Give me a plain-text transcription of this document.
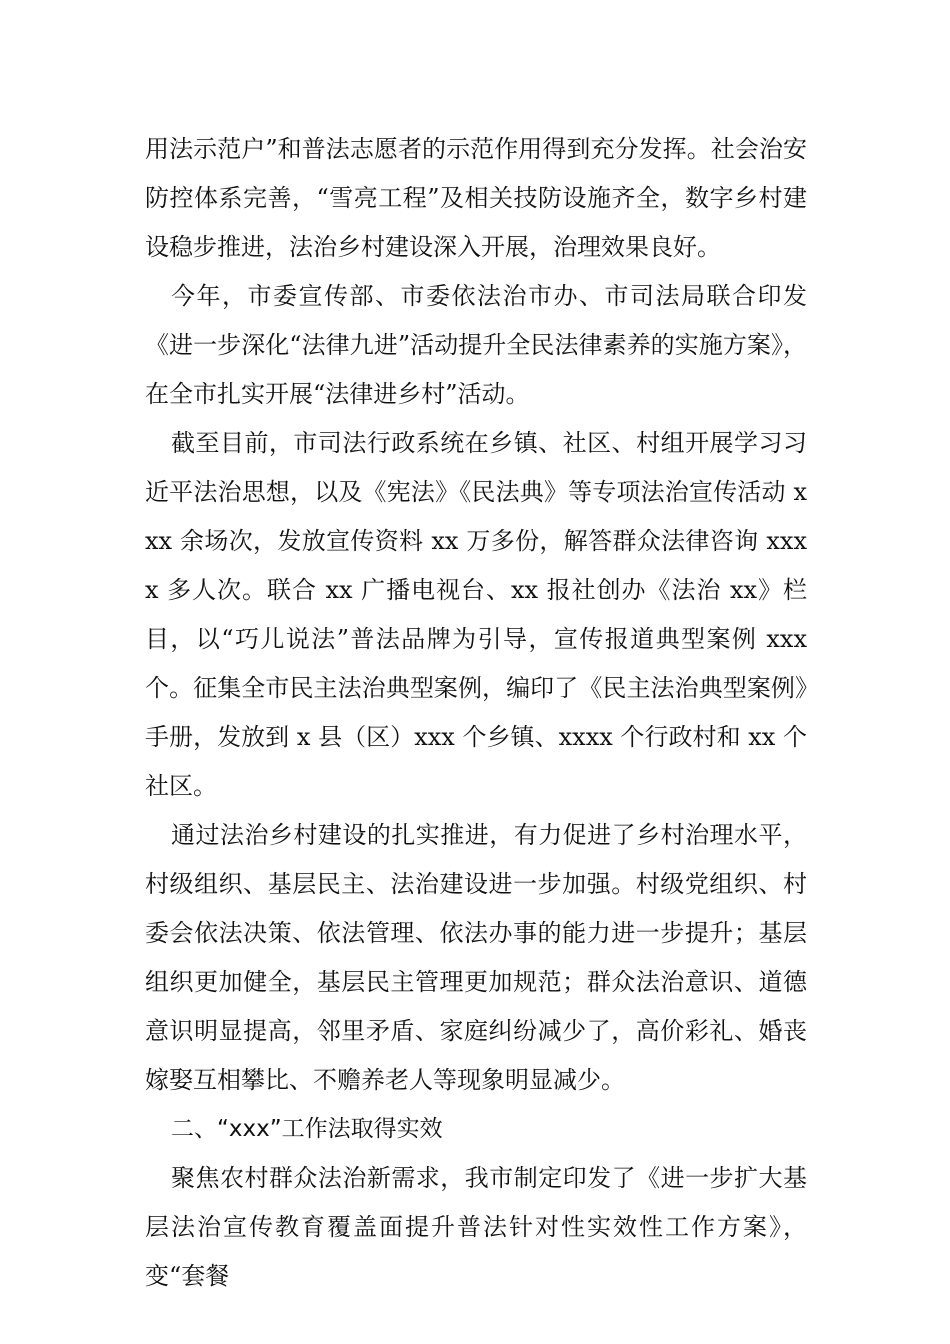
用法示范户”和普法志愿者的示范作用得到充分发挥。社会治安防控体系完善，“雪亮工程”及相关技防设施齐全，数字乡村建设稳步推进，法治乡村建设深入开展，治理效果良好。

今年，市委宣传部、市委依法治市办、市司法局联合印发《进一步深化“法律九进”活动提升全民法律素养的实施方案》，在全市扎实开展“法律进乡村”活动。

截至目前，市司法行政系统在乡镇、社区、村组开展学习习近平法治思想，以及《宪法》《民法典》等专项法治宣传活动 xxx 余场次，发放宣传资料 xx 万多份，解答群众法律咨询 xxxx 多人次。联合 xx 广播电视台、xx 报社创办《法治 xx》栏目，以“巧儿说法”普法品牌为引导，宣传报道典型案例 xxx 个。征集全市民主法治典型案例，编印了《民主法治典型案例》手册，发放到 x 县（区）xxx 个乡镇、xxxx 个行政村和 xx 个社区。

通过法治乡村建设的扎实推进，有力促进了乡村治理水平，村级组织、基层民主、法治建设进一步加强。村级党组织、村委会依法决策、依法管理、依法办事的能力进一步提升；基层组织更加健全，基层民主管理更加规范；群众法治意识、道德意识明显提高，邻里矛盾、家庭纠纷减少了，高价彩礼、婚丧嫁娶互相攀比、不赡养老人等现象明显减少。

二、“xxx”工作法取得实效

聚焦农村群众法治新需求，我市制定印发了《进一步扩大基层法治宣传教育覆盖面提升普法针对性实效性工作方案》，变“套餐
